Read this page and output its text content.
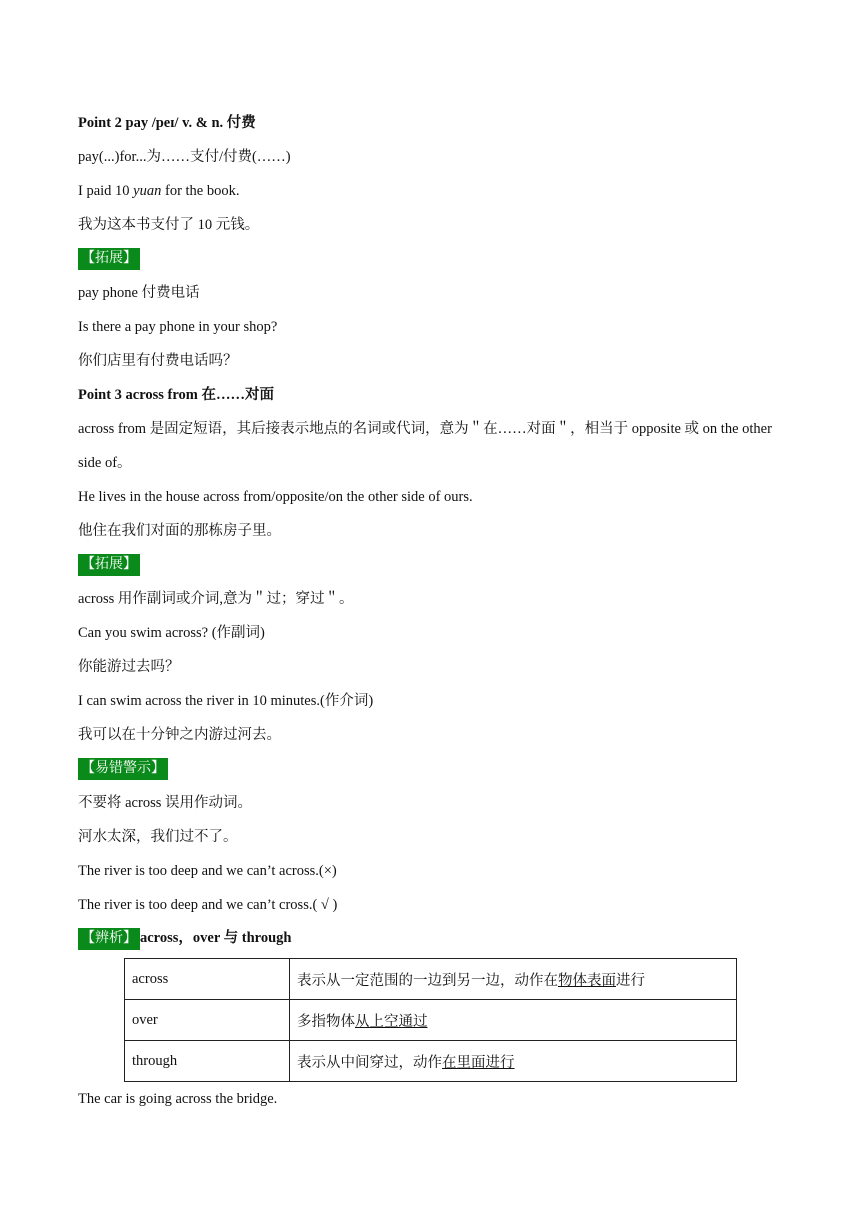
Point 2 pay /peɪ/ v. & n. 付费
pay(...)for...为……支付/付费(……)
I paid 10 yuan for the book.
我为这本书支付了 10 元钱。
【拓展】
pay phone 付费电话
Is there a pay phone in your shop?
你们店里有付费电话吗？
Point 3 across from 在……对面
across from 是固定短语，其后接表示地点的名词或代词，意为＂在……对面＂，相当于 opposite 或 on the other side of。
He lives in the house across from/opposite/on the other side of ours.
他住在我们对面的那栋房子里。
【拓展】
across 用作副词或介词,意为＂过；穿过＂。
Can you swim across? (作副词)
你能游过去吗？
I can swim across the river in 10 minutes.(作介词)
我可以在十分钟之内游过河去。
【易错警示】
不要将 across 误用作动词。
河水太深，我们过不了。
The river is too deep and we can’t across.(×)
The river is too deep and we can’t cross.( √ )
【辨析】 across，over 与 through
across	表示从一定范围的一边到另一边，动作在物体表面进行
over	多指物体从上空通过
through	表示从中间穿过，动作在里面进行
The car is going across the bridge.
